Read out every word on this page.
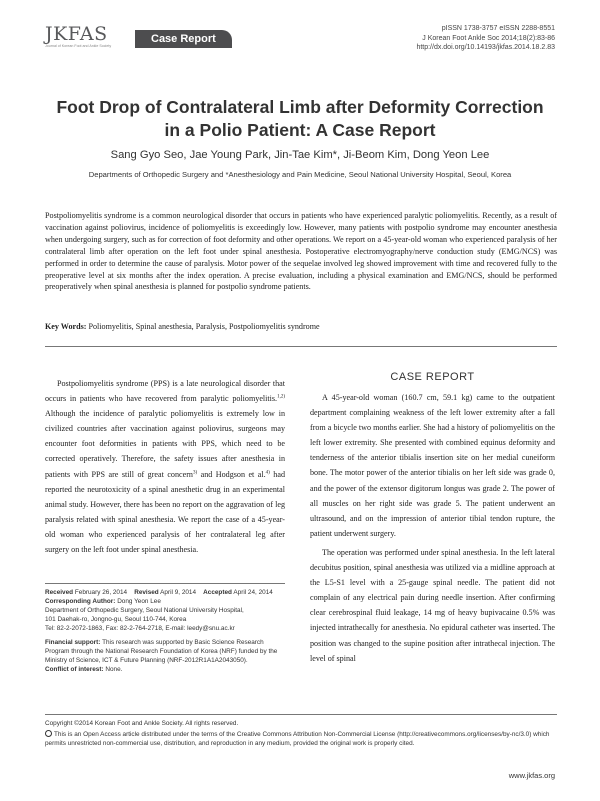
JKFAS
Journal of Korean Foot and Ankle Society
Case Report
pISSN 1738-3757 eISSN 2288-8551
J Korean Foot Ankle Soc 2014;18(2):83-86
http://dx.doi.org/10.14193/jkfas.2014.18.2.83
Foot Drop of Contralateral Limb after Deformity Correction
in a Polio Patient: A Case Report
Sang Gyo Seo, Jae Young Park, Jin-Tae Kim*, Ji-Beom Kim, Dong Yeon Lee
Departments of Orthopedic Surgery and *Anesthesiology and Pain Medicine, Seoul National University Hospital, Seoul, Korea
Postpoliomyelitis syndrome is a common neurological disorder that occurs in patients who have experienced paralytic poliomyelitis. Recently, as a result of vaccination against poliovirus, incidence of poliomyelitis is exceedingly low. However, many patients with postpolio syndrome may encounter anesthesia when undergoing surgery, such as for correction of foot deformity and other operations. We report on a 45-year-old woman who experienced paralysis of her contralateral limb after operation on the left foot under spinal anesthesia. Postoperative electromyography/nerve conduction study (EMG/NCS) was performed in order to determine the cause of paralysis. Motor power of the sequelae involved leg showed improvement with time and recovered fully to the preoperative level at six months after the index operation. A precise evaluation, including a physical examination and EMG/NCS, should be performed preoperatively when spinal anesthesia is planned for postpolio syndrome patients.
Key Words: Poliomyelitis, Spinal anesthesia, Paralysis, Postpoliomyelitis syndrome

Postpoliomyelitis syndrome (PPS) is a late neurological disorder that occurs in patients who have recovered from paralytic poliomyelitis.$^{1,2)}$ Although the incidence of paralytic poliomyelitis is extremely low in civilized countries after vaccination against poliovirus, surgeons may encounter foot deformities in patients with PPS, which need to be corrected operatively. Therefore, the safety issues after anesthesia in patients with PPS are still of great concern$^{3)}$ and Hodgson et al.$^{4)}$ had reported the neurotoxicity of a spinal anesthetic drug in an experimental animal study. However, there has been no report on the aggravation of leg paralysis related with spinal anesthesia. We report the case of a 45-year-old woman who experienced paralysis of her contralateral leg after surgery on the left foot under spinal anesthesia.

CASE REPORT

A 45-year-old woman (160.7 cm, 59.1 kg) came to the outpatient department complaining weakness of the left lower extremity after a fall from a bicycle two months earlier. She had a history of poliomyelitis on the left lower extremity. She presented with combined equinus deformity and tenderness of the anterior tibialis insertion site on her medial cuneiform bone. The motor power of the anterior tibialis on her left side was grade 0, and the power of the extensor digitorum longus was grade 2. The power of all muscles on her right side was grade 5. The patient underwent an ultrasound, and on the impression of anterior tibial tendon rupture, the patient underwent surgery.

The operation was performed under spinal anesthesia. In the left lateral decubitus position, spinal anesthesia was utilized via a midline approach at the L5-S1 level with a 25-gauge spinal needle. The patient did not complain of any electrical pain during needle insertion. After confirming clear cerebrospinal fluid leakage, 14 mg of heavy bupivacaine 0.5% was injected intrathecally for anesthesia. No epidural catheter was inserted. The position was changed to the supine position after intrathecal injection. The level of spinal

Received February 26, 2014 Revised April 9, 2014 Accepted April 24, 2014
Corresponding Author: Dong Yeon Lee
Department of Orthopedic Surgery, Seoul National University Hospital,
101 Daehak-ro, Jongno-gu, Seoul 110-744, Korea
Tel: 82-2-2072-1863, Fax: 82-2-764-2718, E-mail: leedy@snu.ac.kr
Financial support: This research was supported by Basic Science Research Program through the National Research Foundation of Korea (NRF) funded by the Ministry of Science, ICT & Future Planning (NRF-2012R1A1A2043050).
Conflict of interest: None.
Copyright ©2014 Korean Foot and Ankle Society. All rights reserved.
This is an Open Access article distributed under the terms of the Creative Commons Attribution Non-Commercial License (http://creativecommons.org/licenses/by-nc/3.0) which permits unrestricted non-commercial use, distribution, and reproduction in any medium, provided the original work is properly cited.
www.jkfas.org
